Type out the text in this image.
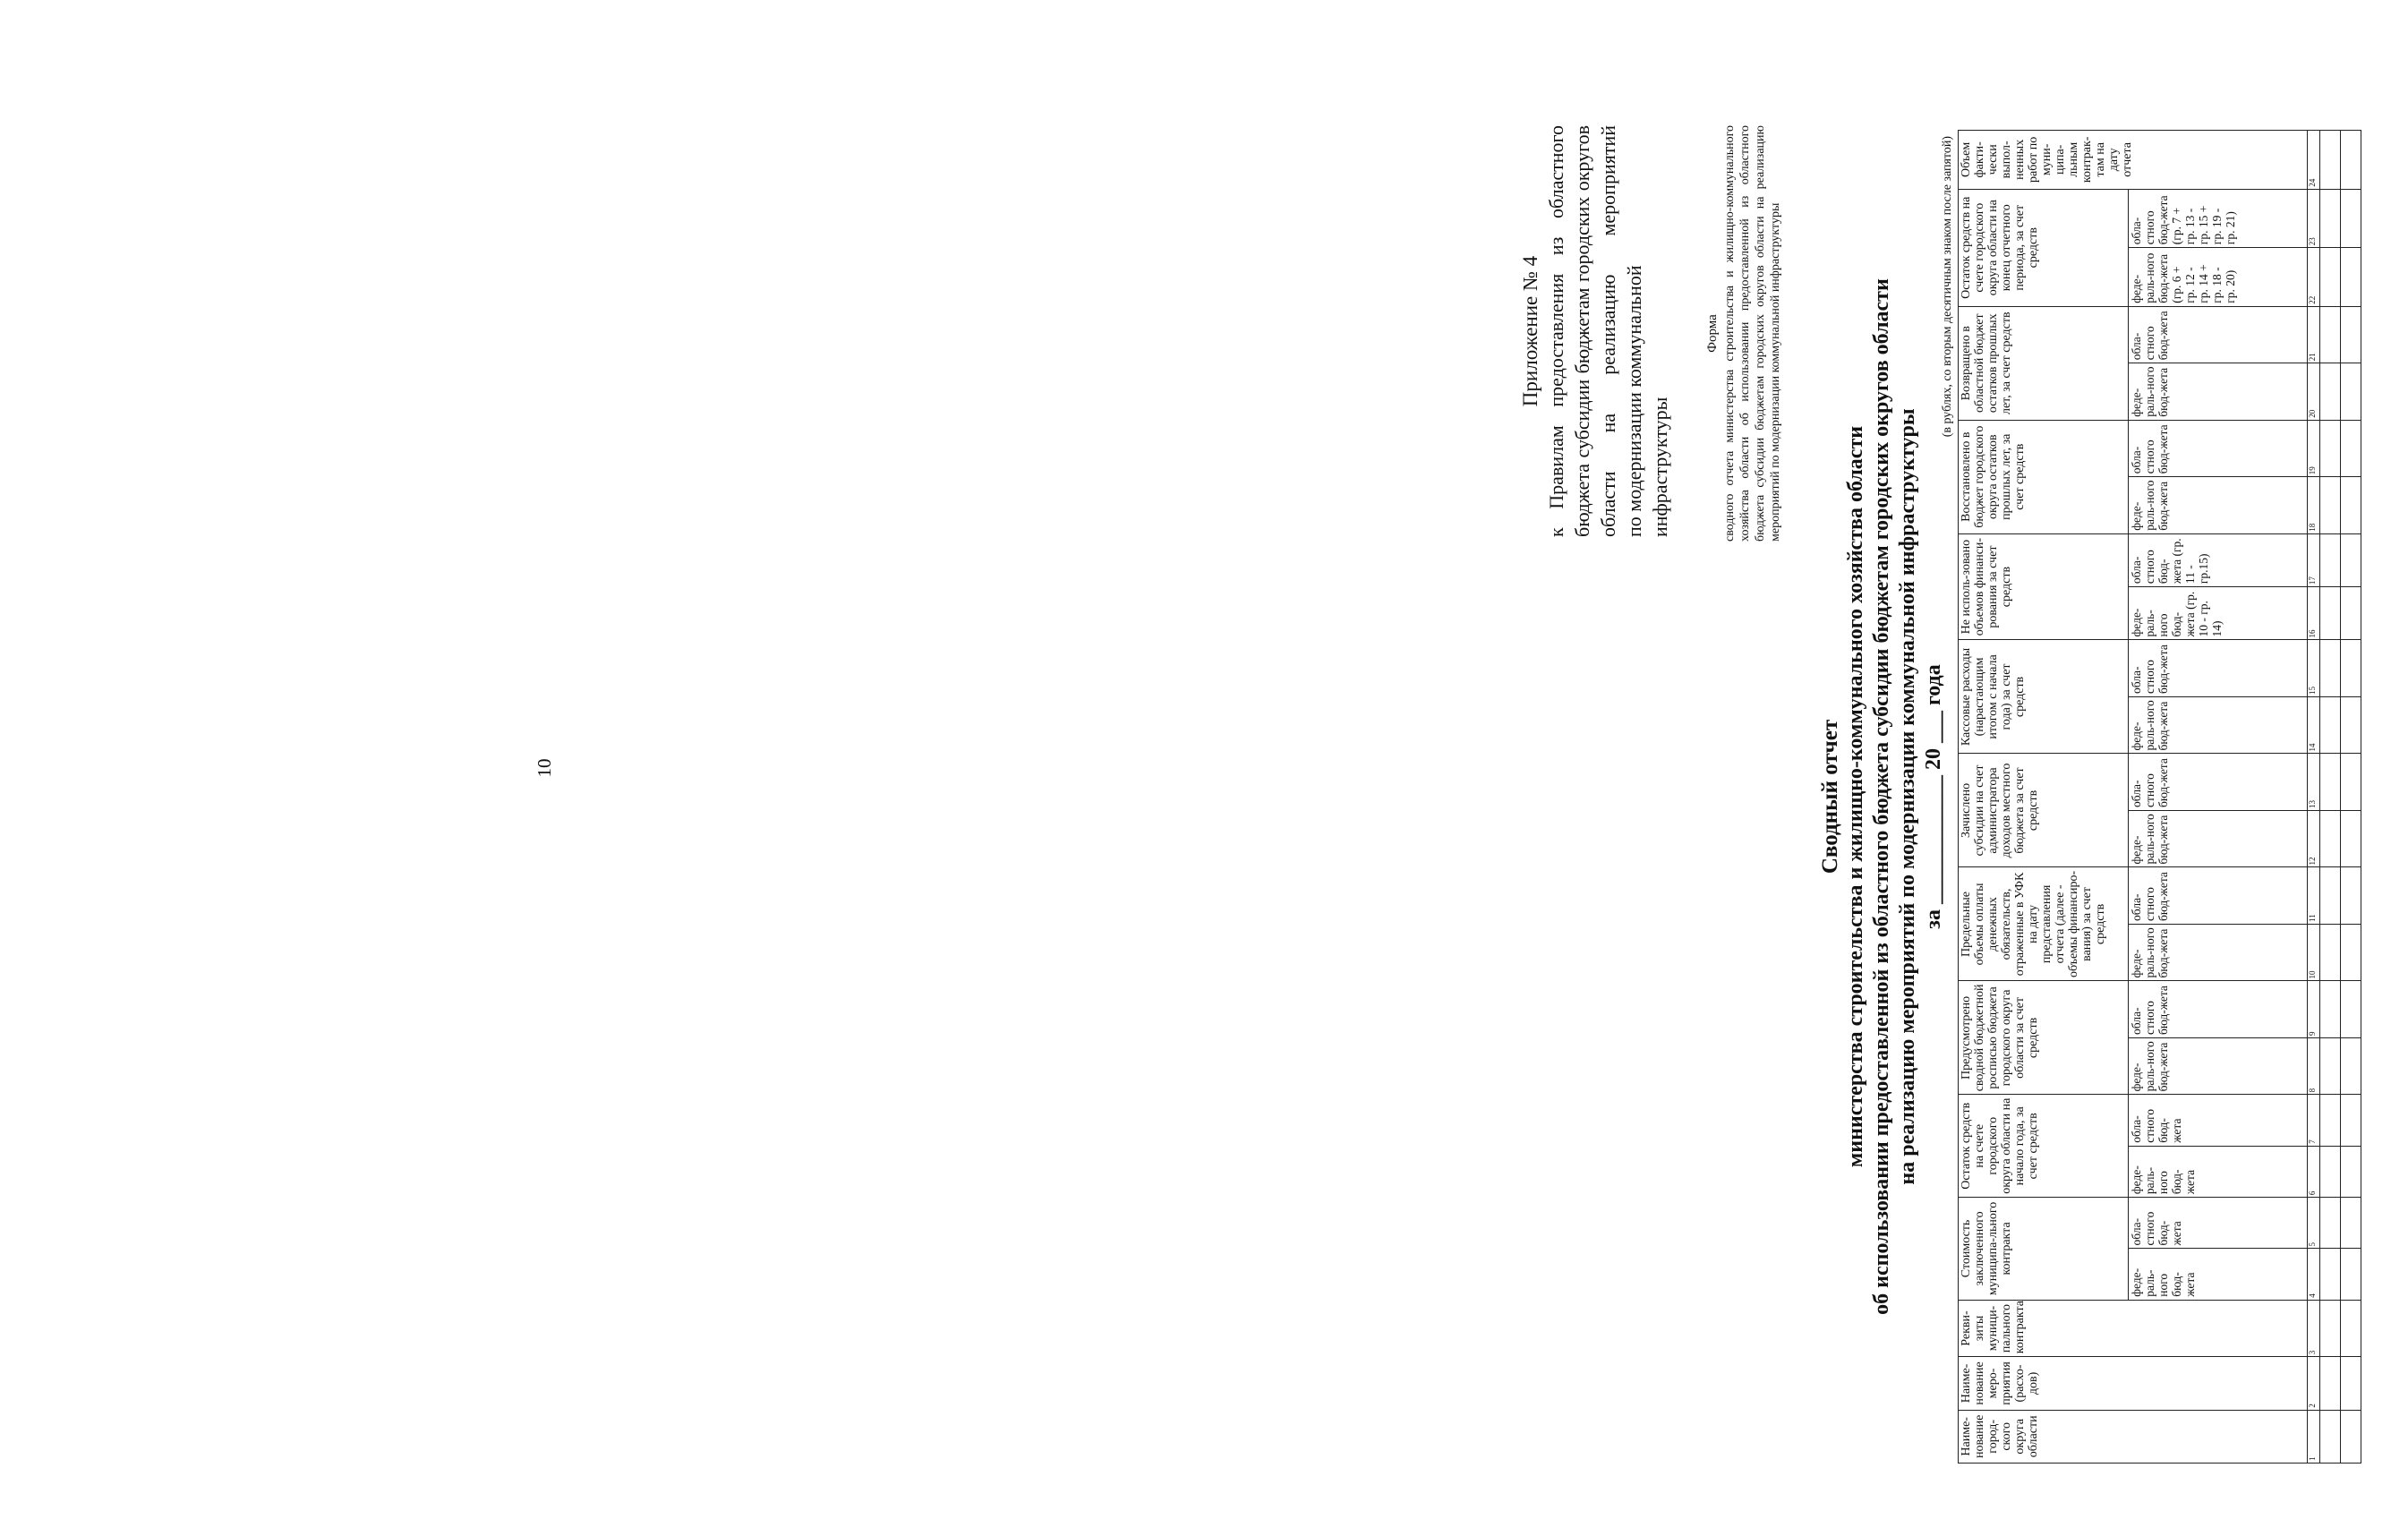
10
Приложение № 4 к Правилам предоставления из областного бюджета субсидии бюджетам городских округов области на реализацию мероприятий по модернизации коммунальной инфраструктуры
Форма сводного отчета министерства строительства и жилищно-коммунального хозяйства области об использовании предоставленной из областного бюджета субсидии бюджетам городских округов области на реализацию мероприятий по модернизации коммунальной инфраструктуры
Сводный отчет министерства строительства и жилищно-коммунального хозяйства области об использовании предоставленной из областного бюджета субсидии бюджетам городских округов области на реализацию мероприятий по модернизации коммунальной инфраструктуры за ____________ 20 ___ года
(в рублях, со вторым десятичным знаком после запятой)
Наиме-нование город-ского округа области	Наиме-нование меро-приятия (расхо-дов)	Рекви-зиты муници-пального контракта	Стоимость заключенного муниципа-льного контракта		Остаток средств на счете городского округа области на начало года, за счет средств		Предусмотрено сводной бюджетной росписью бюджета городского округа области за счет средств		Предельные объемы оплаты денежных обязательств, отраженные в УФК на дату представления отчета (далее - объемы финансиро-вания) за счет средств		Зачислено субсидии на счет администратора доходов местного бюджета за счет средств		Кассовые расходы (нарастающим итогом с начала года) за счет средств		Не исполь-зовано объемов финанси-рования за счет средств		Восстановлено в бюджет городского округа остатков прошлых лет, за счет средств		Возвращено в областной бюджет остатков прошлых лет, за счет средств		Остаток средств на счете городского округа области на конец отчетного периода, за счет средств		Объем факти-чески выпол-ненных работ по муни-ципа-льным контрак-там на дату отчета
			феде-раль-ного бюд-жета	обла-стного бюд-жета	феде-раль-ного бюд-жета	обла-стного бюд-жета	феде-раль-ного бюд-жета	обла-стного бюд-жета	феде-раль-ного бюд-жета	обла-стного бюд-жета	феде-раль-ного бюд-жета	обла-стного бюд-жета	феде-раль-ного бюд-жета	обла-стного бюд-жета	феде-раль-ного бюд-жета (гр. 10 - гр. 14)	обла-стного бюд-жета (гр. 11 - гр.15)	феде-раль-ного бюд-жета	обла-стного бюд-жета	феде-раль-ного бюд-жета	обла-стного бюд-жета	феде-раль-ного бюд-жета (гр. 6 + гр. 12 - гр. 14 + гр. 18 - гр. 20)	обла-стного бюд-жета (гр. 7 + гр. 13 - гр. 15 + гр. 19 - гр. 21)	
1	2	3	4	5	6	7	8	9	10	11	12	13	14	15	16	17	18	19	20	21	22	23	24
